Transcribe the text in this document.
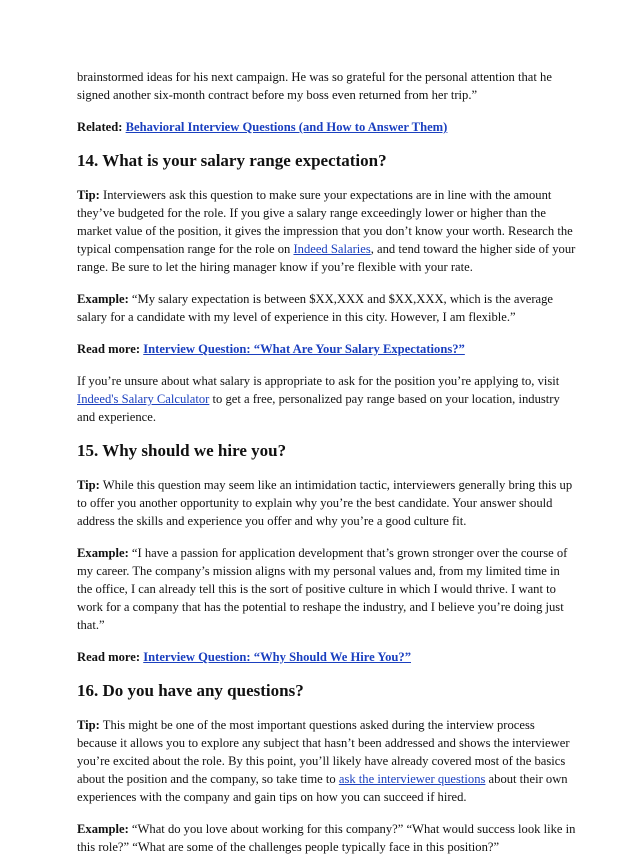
brainstormed ideas for his next campaign. He was so grateful for the personal attention that he signed another six-month contract before my boss even returned from her trip.”

Related: Behavioral Interview Questions (and How to Answer Them)

14. What is your salary range expectation?

Tip: Interviewers ask this question to make sure your expectations are in line with the amount they’ve budgeted for the role. If you give a salary range exceedingly lower or higher than the market value of the position, it gives the impression that you don’t know your worth. Research the typical compensation range for the role on Indeed Salaries, and tend toward the higher side of your range. Be sure to let the hiring manager know if you’re flexible with your rate.

Example: “My salary expectation is between $XX,XXX and $XX,XXX, which is the average salary for a candidate with my level of experience in this city. However, I am flexible.”

Read more: Interview Question: “What Are Your Salary Expectations?”

If you’re unsure about what salary is appropriate to ask for the position you’re applying to, visit Indeed's Salary Calculator to get a free, personalized pay range based on your location, industry and experience.

15. Why should we hire you?

Tip: While this question may seem like an intimidation tactic, interviewers generally bring this up to offer you another opportunity to explain why you’re the best candidate. Your answer should address the skills and experience you offer and why you’re a good culture fit.

Example: “I have a passion for application development that’s grown stronger over the course of my career. The company’s mission aligns with my personal values and, from my limited time in the office, I can already tell this is the sort of positive culture in which I would thrive. I want to work for a company that has the potential to reshape the industry, and I believe you’re doing just that.”

Read more: Interview Question: “Why Should We Hire You?”

16. Do you have any questions?

Tip: This might be one of the most important questions asked during the interview process because it allows you to explore any subject that hasn’t been addressed and shows the interviewer you’re excited about the role. By this point, you’ll likely have already covered most of the basics about the position and the company, so take time to ask the interviewer questions about their own experiences with the company and gain tips on how you can succeed if hired.

Example: “What do you love about working for this company?” “What would success look like in this role?” “What are some of the challenges people typically face in this position?”
